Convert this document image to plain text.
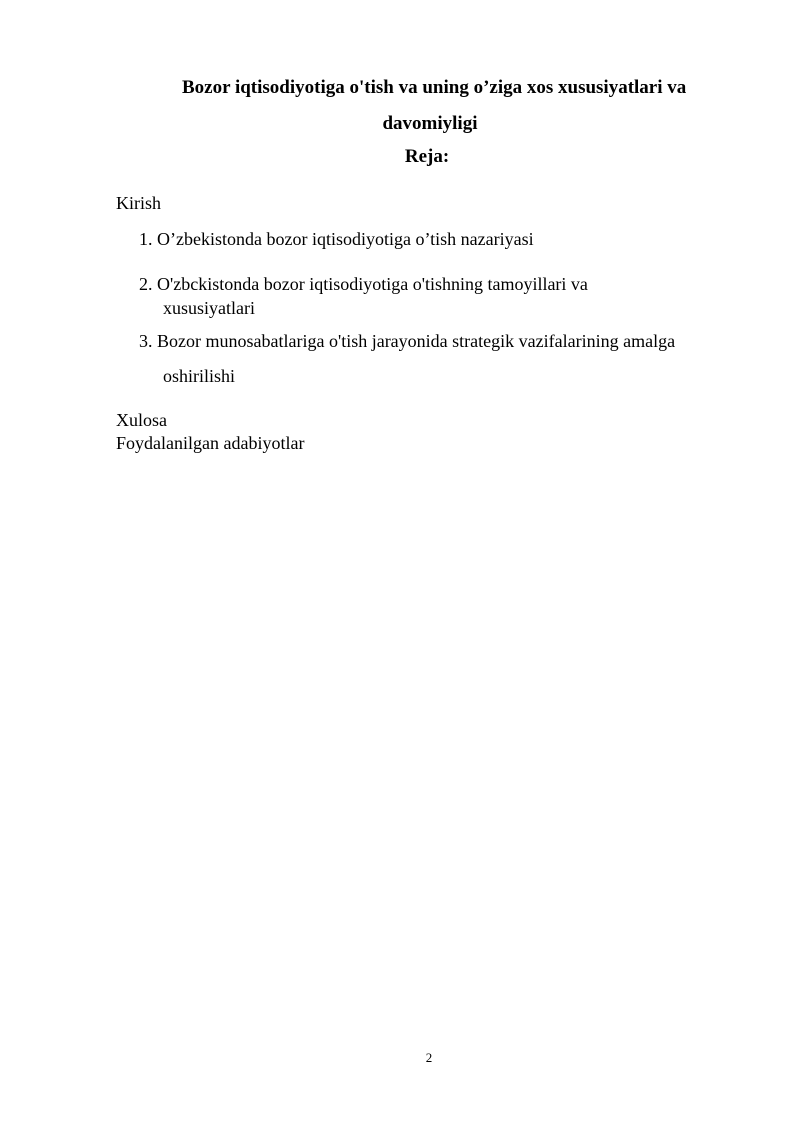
Bozor iqtisodiyotiga o'tish va uning o’ziga xos xususiyatlari va
davomiyligi
Reja:
Kirish
1. O’zbekistonda bozor iqtisodiyotiga o’tish nazariyasi
2. O'zbckistonda bozor iqtisodiyotiga o'tishning tamoyillari va
xususiyatlari
3. Bozor munosabatlariga o'tish jarayonida strategik vazifalarining amalga
oshirilishi
Xulosa
Foydalanilgan adabiyotlar
2
